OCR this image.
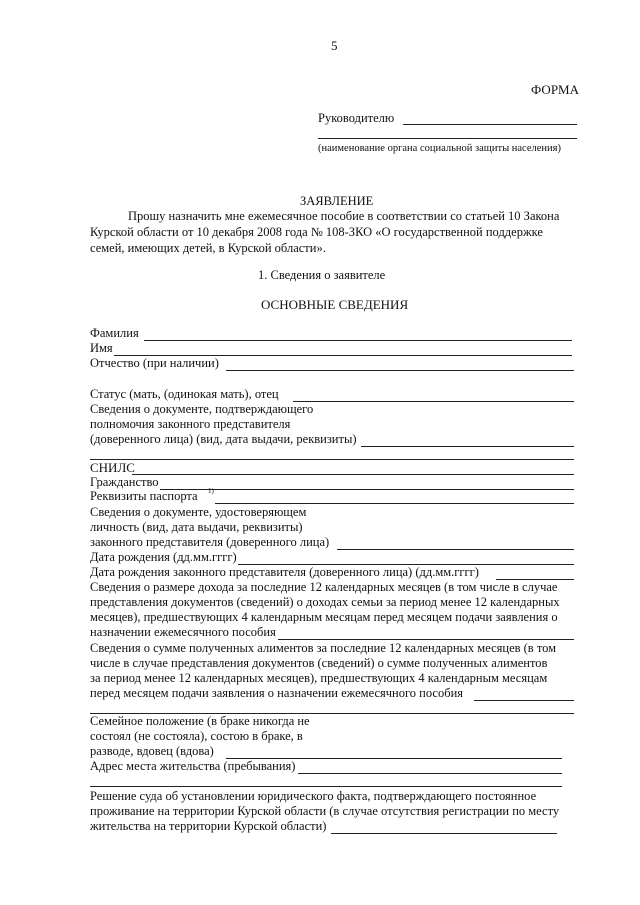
5
ФОРМА
Руководителю
(наименование органа социальной защиты населения)
ЗАЯВЛЕНИЕ
Прошу назначить мне ежемесячное пособие в соответствии со статьей 10 Закона
Курской области от 10 декабря 2008 года № 108-ЗКО «О государственной поддержке
семей, имеющих детей, в Курской области».
1. Сведения о заявителе
ОСНОВНЫЕ СВЕДЕНИЯ
Фамилия
Имя
Отчество (при наличии)
Статус (мать, (одинокая мать), отец
Сведения о документе, подтверждающего
полномочия законного представителя
(доверенного лица) (вид, дата выдачи, реквизиты)
СНИЛС
Гражданство
Реквизиты паспорта 1)
Сведения о документе, удостоверяющем
личность (вид, дата выдачи, реквизиты)
законного представителя (доверенного лица)
Дата рождения (дд.мм.гггг)
Дата рождения законного представителя (доверенного лица) (дд.мм.гггг)
Сведения о размере дохода за последние 12 календарных месяцев (в том числе в случае
представления документов (сведений) о доходах семьи за период менее 12 календарных
месяцев), предшествующих 4 календарным месяцам перед месяцем подачи заявления о
назначении ежемесячного пособия
Сведения о сумме полученных алиментов за последние 12 календарных месяцев (в том
числе в случае представления документов (сведений) о сумме полученных алиментов
за период менее 12 календарных месяцев), предшествующих 4 календарным месяцам
перед месяцем подачи заявления о назначении ежемесячного пособия
Семейное положение (в браке никогда не
состоял (не состояла), состою в браке, в
разводе, вдовец (вдова)
Адрес места жительства (пребывания)
Решение суда об установлении юридического факта, подтверждающего постоянное
проживание на территории Курской области (в случае отсутствия регистрации по месту
жительства на территории Курской области)
